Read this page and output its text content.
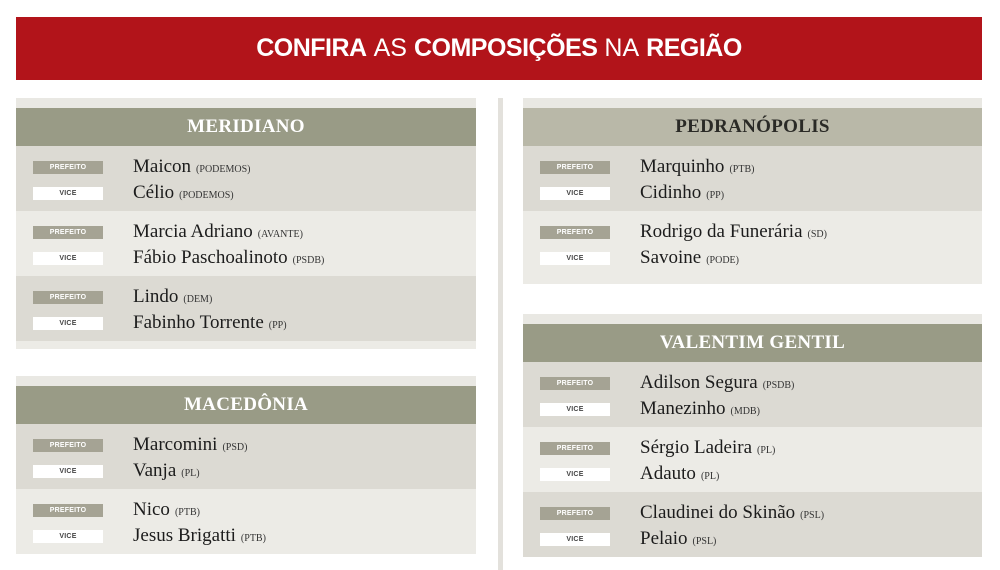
CONFIRA AS COMPOSIÇÕES NA REGIÃO
MERIDIANO
PREFEITO	Maicon (PODEMOS)
VICE	Célio (PODEMOS)
PREFEITO	Marcia Adriano (AVANTE)
VICE	Fábio Paschoalinoto (PSDB)
PREFEITO	Lindo (DEM)
VICE	Fabinho Torrente (PP)
MACEDÔNIA
PREFEITO	Marcomini (PSD)
VICE	Vanja (PL)
PREFEITO	Nico (PTB)
VICE	Jesus Brigatti (PTB)
PEDRANÓPOLIS
PREFEITO	Marquinho (PTB)
VICE	Cidinho (PP)
PREFEITO	Rodrigo da Funerária (SD)
VICE	Savoine (PODE)
VALENTIM GENTIL
PREFEITO	Adilson Segura (PSDB)
VICE	Manezinho (MDB)
PREFEITO	Sérgio Ladeira (PL)
VICE	Adauto (PL)
PREFEITO	Claudinei do Skinão (PSL)
VICE	Pelaio (PSL)
